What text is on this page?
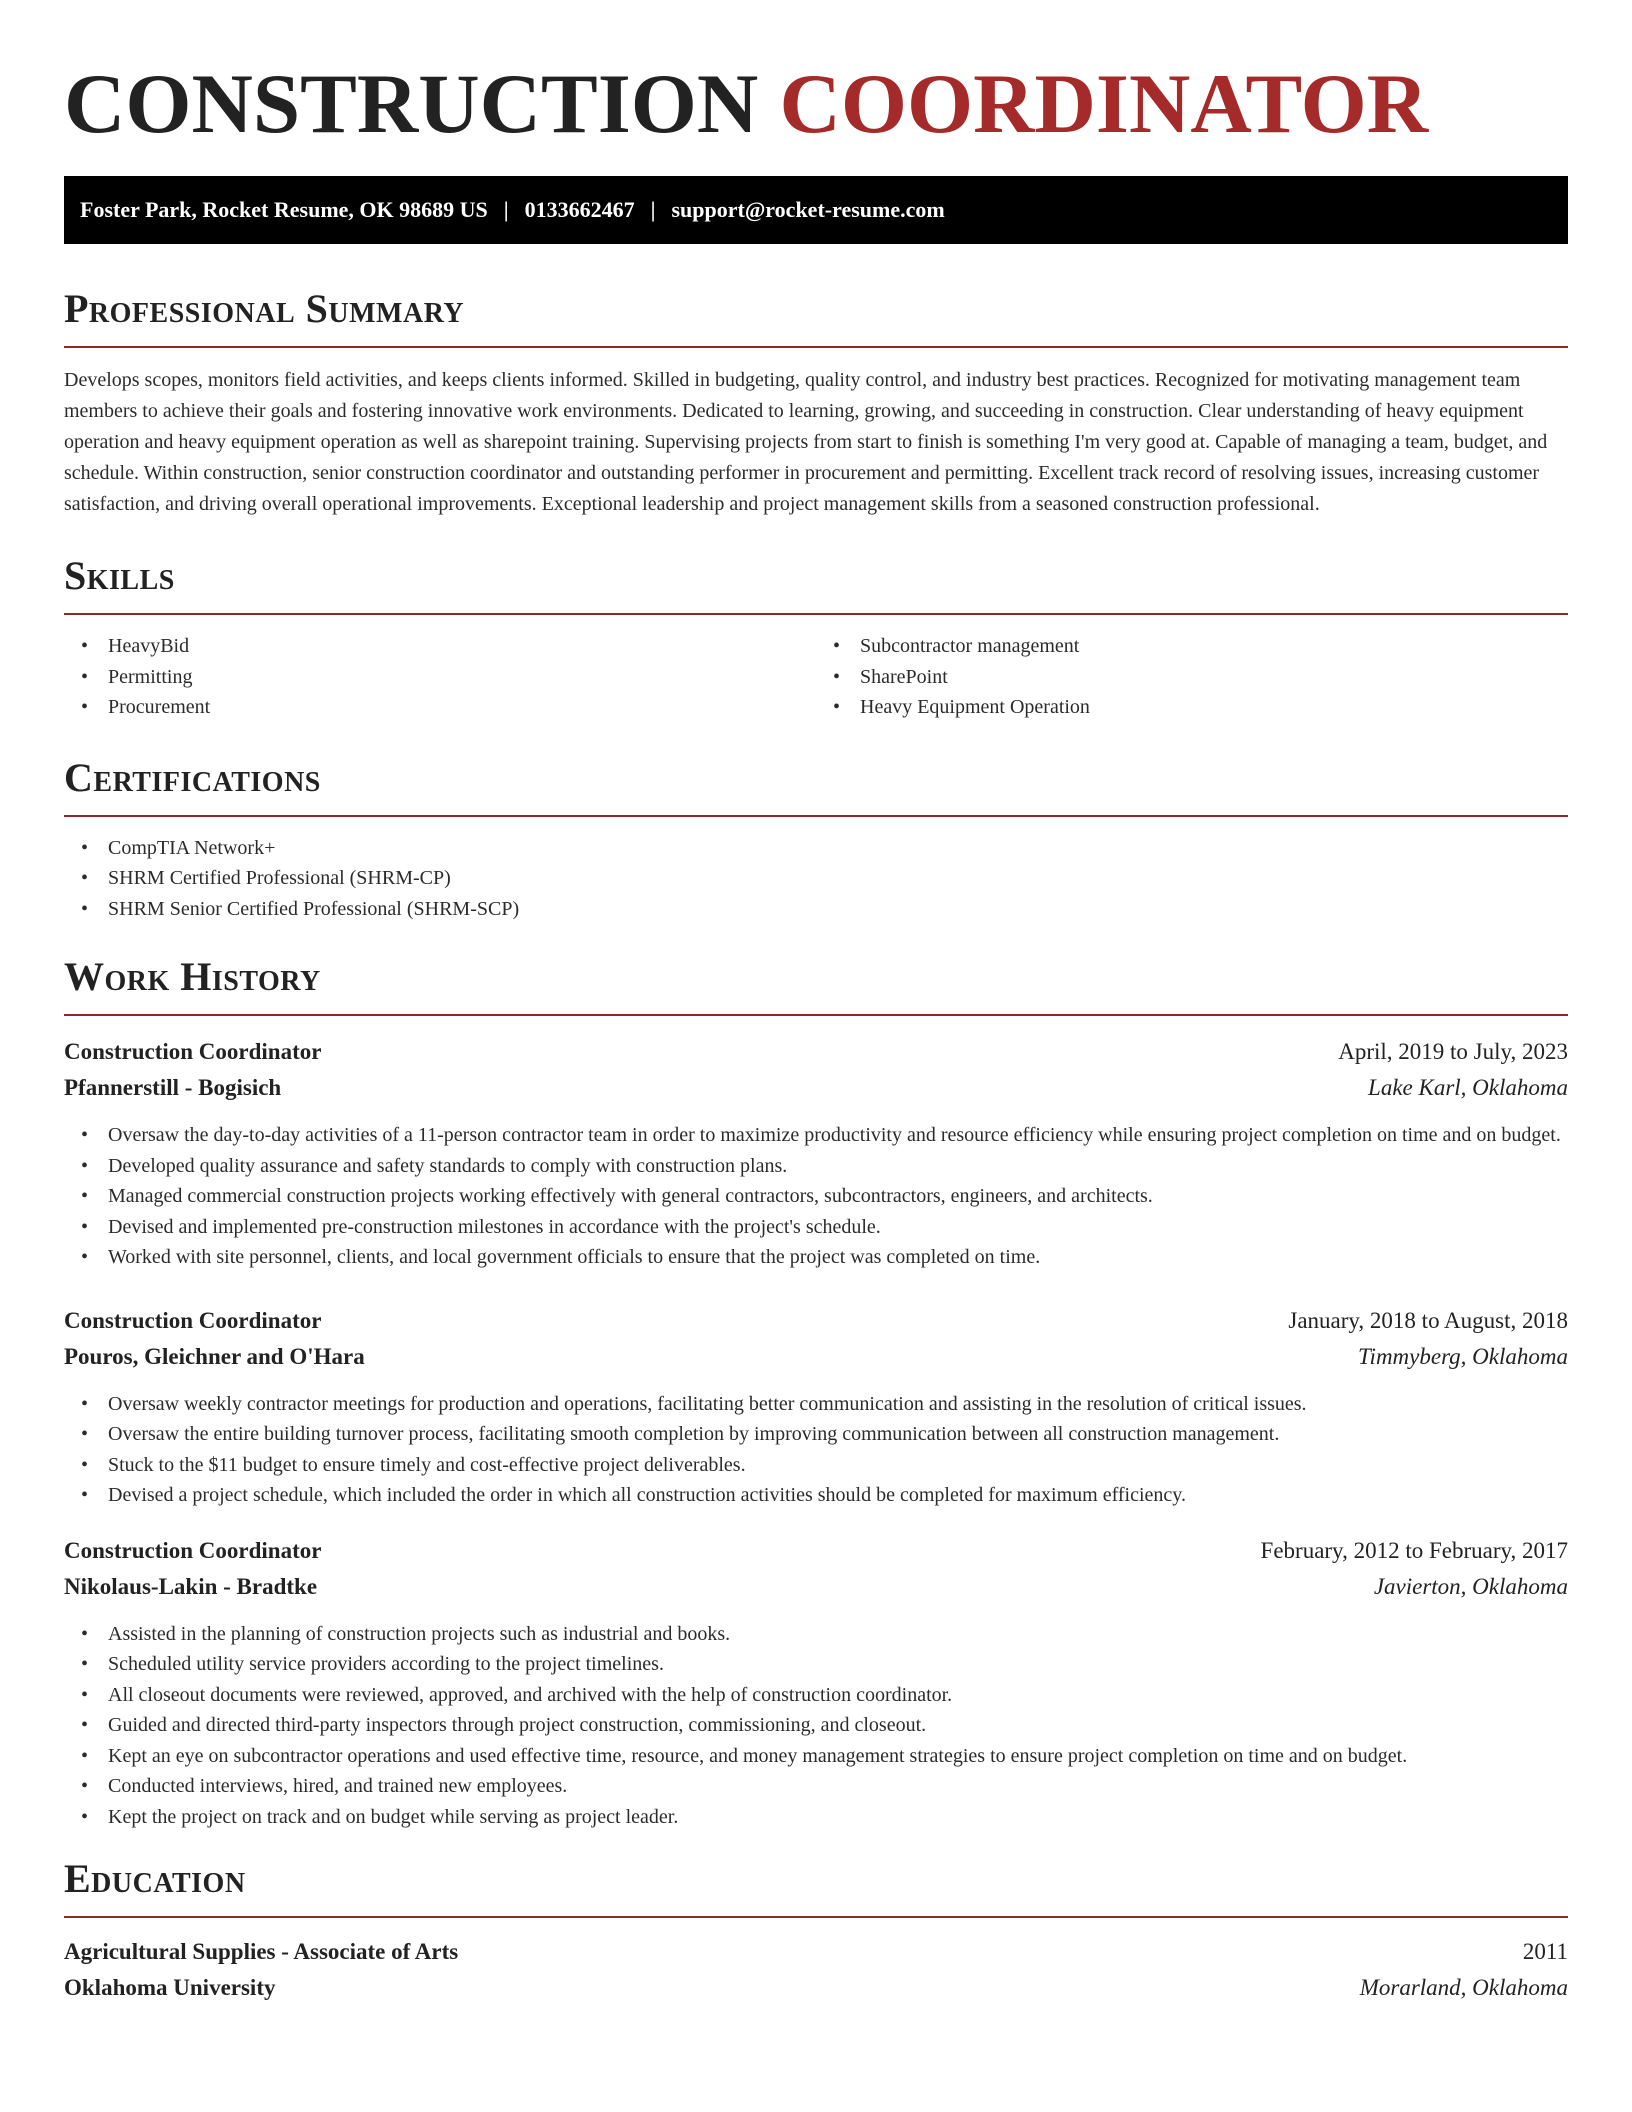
CONSTRUCTION COORDINATOR
Foster Park, Rocket Resume, OK 98689 US | 0133662467 | support@rocket-resume.com
Professional Summary

Develops scopes, monitors field activities, and keeps clients informed. Skilled in budgeting, quality control, and industry best practices. Recognized for motivating management team members to achieve their goals and fostering innovative work environments. Dedicated to learning, growing, and succeeding in construction. Clear understanding of heavy equipment operation and heavy equipment operation as well as sharepoint training. Supervising projects from start to finish is something I'm very good at. Capable of managing a team, budget, and schedule. Within construction, senior construction coordinator and outstanding performer in procurement and permitting. Excellent track record of resolving issues, increasing customer satisfaction, and driving overall operational improvements. Exceptional leadership and project management skills from a seasoned construction professional.

Skills
• HeavyBid
• Permitting
• Procurement
• Subcontractor management
• SharePoint
• Heavy Equipment Operation
Certifications
• CompTIA Network+
• SHRM Certified Professional (SHRM-CP)
• SHRM Senior Certified Professional (SHRM-SCP)
Work History
Construction Coordinator	April, 2019 to July, 2023
Pfannerstill - Bogisich	Lake Karl, Oklahoma
• Oversaw the day-to-day activities of a 11-person contractor team in order to maximize productivity and resource efficiency while ensuring project completion on time and on budget.
• Developed quality assurance and safety standards to comply with construction plans.
• Managed commercial construction projects working effectively with general contractors, subcontractors, engineers, and architects.
• Devised and implemented pre-construction milestones in accordance with the project's schedule.
• Worked with site personnel, clients, and local government officials to ensure that the project was completed on time.
Construction Coordinator	January, 2018 to August, 2018
Pouros, Gleichner and O'Hara	Timmyberg, Oklahoma
• Oversaw weekly contractor meetings for production and operations, facilitating better communication and assisting in the resolution of critical issues.
• Oversaw the entire building turnover process, facilitating smooth completion by improving communication between all construction management.
• Stuck to the $11 budget to ensure timely and cost-effective project deliverables.
• Devised a project schedule, which included the order in which all construction activities should be completed for maximum efficiency.
Construction Coordinator	February, 2012 to February, 2017
Nikolaus-Lakin - Bradtke	Javierton, Oklahoma
• Assisted in the planning of construction projects such as industrial and books.
• Scheduled utility service providers according to the project timelines.
• All closeout documents were reviewed, approved, and archived with the help of construction coordinator.
• Guided and directed third-party inspectors through project construction, commissioning, and closeout.
• Kept an eye on subcontractor operations and used effective time, resource, and money management strategies to ensure project completion on time and on budget.
• Conducted interviews, hired, and trained new employees.
• Kept the project on track and on budget while serving as project leader.
Education
Agricultural Supplies - Associate of Arts	2011
Oklahoma University	Morarland, Oklahoma
